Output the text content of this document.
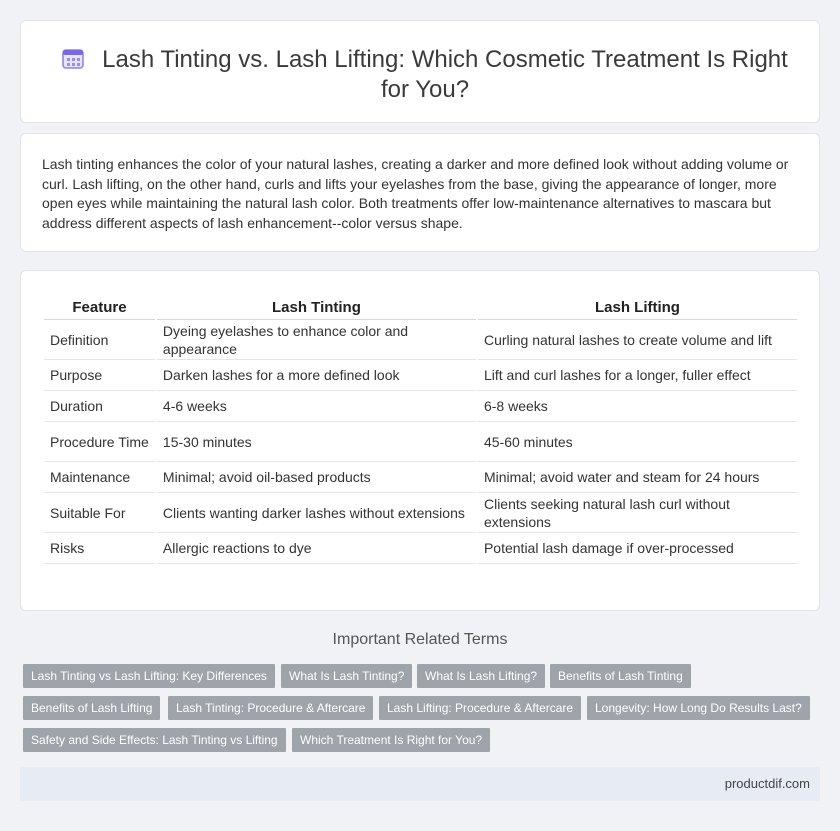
Lash Tinting vs. Lash Lifting: Which Cosmetic Treatment Is Right for You?

Lash tinting enhances the color of your natural lashes, creating a darker and more defined look without adding volume or curl. Lash lifting, on the other hand, curls and lifts your eyelashes from the base, giving the appearance of longer, more open eyes while maintaining the natural lash color. Both treatments offer low-maintenance alternatives to mascara but address different aspects of lash enhancement--color versus shape.

Feature	Lash Tinting	Lash Lifting
Definition	Dyeing eyelashes to enhance color and appearance	Curling natural lashes to create volume and lift
Purpose	Darken lashes for a more defined look	Lift and curl lashes for a longer, fuller effect
Duration	4-6 weeks	6-8 weeks
Procedure Time	15-30 minutes	45-60 minutes
Maintenance	Minimal; avoid oil-based products	Minimal; avoid water and steam for 24 hours
Suitable For	Clients wanting darker lashes without extensions	Clients seeking natural lash curl without extensions
Risks	Allergic reactions to dye	Potential lash damage if over-processed
Important Related Terms
Lash Tinting vs Lash Lifting: Key Differences	What Is Lash Tinting?	What Is Lash Lifting?	Benefits of Lash Tinting
Benefits of Lash Lifting	Lash Tinting: Procedure & Aftercare	Lash Lifting: Procedure & Aftercare	Longevity: How Long Do Results Last?
Safety and Side Effects: Lash Tinting vs Lifting	Which Treatment Is Right for You?
productdif.com
